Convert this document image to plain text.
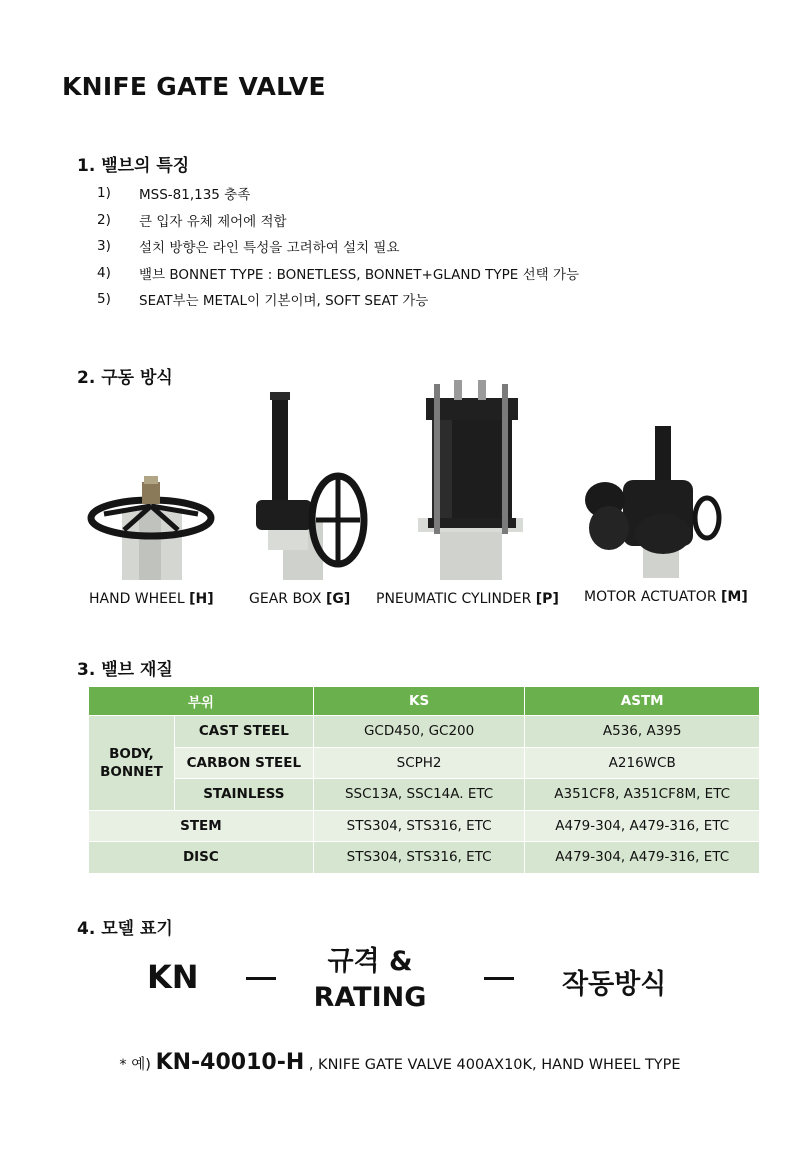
KNIFE GATE VALVE
1. 밸브의 특징
1)	MSS-81,135 충족
2)	큰 입자 유체 제어에 적합
3)	설치 방향은 라인 특성을 고려하여 설치 필요
4)	밸브 BONNET TYPE : BONETLESS, BONNET+GLAND TYPE 선택 가능
5)	SEAT부는 METAL이 기본이며, SOFT SEAT 가능
2. 구동 방식
HAND WHEEL [H]	GEAR BOX [G] PNEUMATIC CYLINDER [P] MOTOR ACTUATOR [M]
3. 밸브 재질
부위		KS	ASTM
BODY,
BONNET	CAST STEEL	GCD450, GC200	A536, A395
	CARBON STEEL	SCPH2	A216WCB
	STAINLESS	SSC13A, SSC14A. ETC	A351CF8, A351CF8M, ETC
STEM		STS304, STS316, ETC	A479-304, A479-316, ETC
DISC		STS304, STS316, ETC	A479-304, A479-316, ETC
4. 모델 표기
KN	규격 &
RATING	작동방식
* 예) KN-40010-H , KNIFE GATE VALVE 400AX10K, HAND WHEEL TYPE
